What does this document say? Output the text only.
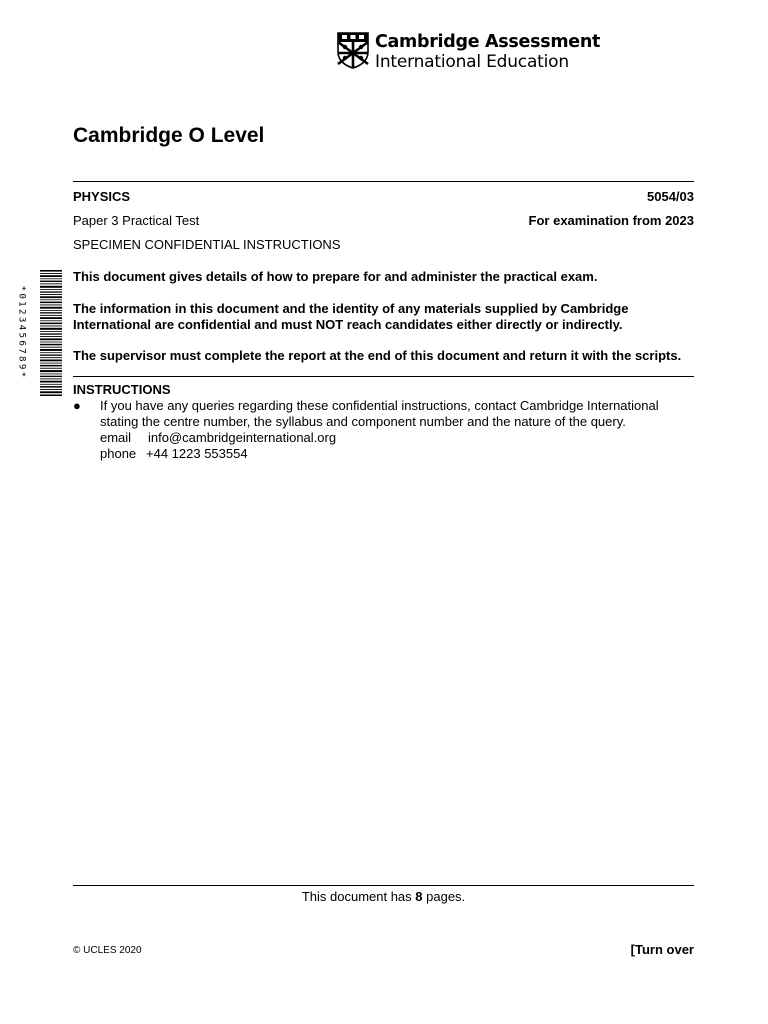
Cambridge Assessment
International Education
Cambridge O Level
PHYSICS	5054/03
Paper 3 Practical Test	For examination from 2023
SPECIMEN CONFIDENTIAL INSTRUCTIONS
This document gives details of how to prepare for and administer the practical exam.
The information in this document and the identity of any materials supplied by Cambridge International are confidential and must NOT reach candidates either directly or indirectly.
The supervisor must complete the report at the end of this document and return it with the scripts.
*0123456789*
INSTRUCTIONS
● If you have any queries regarding these confidential instructions, contact Cambridge International stating the centre number, the syllabus and component number and the nature of the query.
email info@cambridgeinternational.org
phone +44 1223 553554
This document has 8 pages.
© UCLES 2020	[Turn over
